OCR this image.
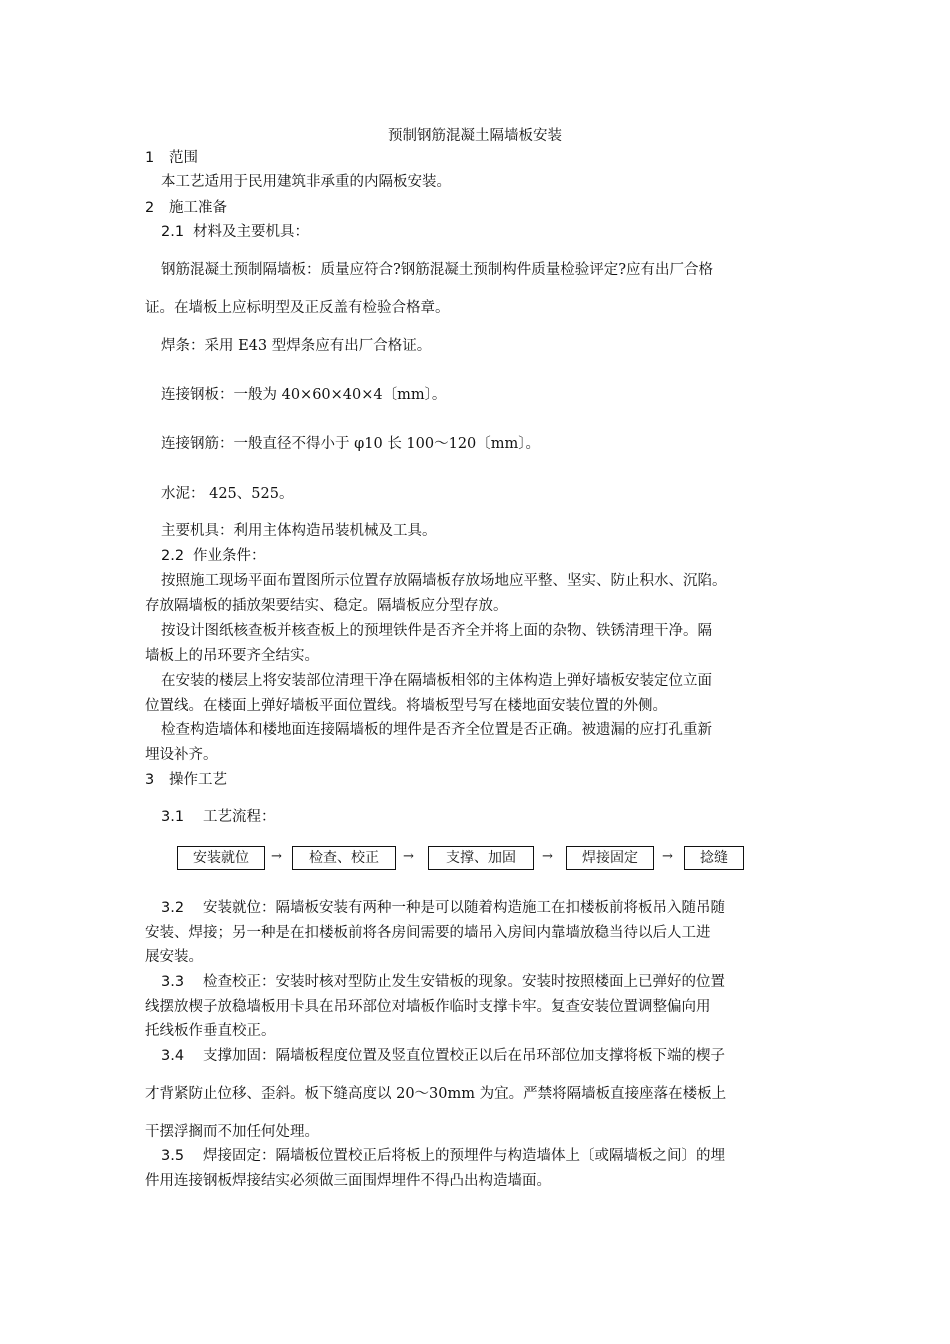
预制钢筋混凝土隔墙板安装
1 范围
本工艺适用于民用建筑非承重的内隔板安装。
2 施工准备
2.1 材料及主要机具：
钢筋混凝土预制隔墙板：质量应符合?钢筋混凝土预制构件质量检验评定?应有出厂合格
证。在墙板上应标明型及正反盖有检验合格章。
焊条：采用 E43 型焊条应有出厂合格证。
连接钢板：一般为 40×60×40×4〔mm〕。
连接钢筋：一般直径不得小于 φ10 长 100～120〔mm〕。
水泥： 425、525。
主要机具：利用主体构造吊装机械及工具。
2.2 作业条件：
按照施工现场平面布置图所示位置存放隔墙板存放场地应平整、坚实、防止积水、沉陷。
存放隔墙板的插放架要结实、稳定。隔墙板应分型存放。
按设计图纸核查板并核查板上的预埋铁件是否齐全并将上面的杂物、铁锈清理干净。隔
墙板上的吊环要齐全结实。
在安装的楼层上将安装部位清理干净在隔墙板相邻的主体构造上弹好墙板安装定位立面
位置线。在楼面上弹好墙板平面位置线。将墙板型号写在楼地面安装位置的外侧。
检查构造墙体和楼地面连接隔墙板的埋件是否齐全位置是否正确。被遗漏的应打孔重新
埋设补齐。
3 操作工艺
3.1 工艺流程：
安装就位	→	检查、校正	→	支撑、加固	→	焊接固定	→	捻缝
3.2 安装就位：隔墙板安装有两种一种是可以随着构造施工在扣楼板前将板吊入随吊随
安装、焊接；另一种是在扣楼板前将各房间需要的墙吊入房间内靠墙放稳当待以后人工进
展安装。
3.3 检查校正：安装时核对型防止发生安错板的现象。安装时按照楼面上已弹好的位置
线摆放楔子放稳墙板用卡具在吊环部位对墙板作临时支撑卡牢。复查安装位置调整偏向用
托线板作垂直校正。
3.4 支撑加固：隔墙板程度位置及竖直位置校正以后在吊环部位加支撑将板下端的楔子
才背紧防止位移、歪斜。板下缝高度以 20～30mm 为宜。严禁将隔墙板直接座落在楼板上
干摆浮搁而不加任何处理。
3.5 焊接固定：隔墙板位置校正后将板上的预埋件与构造墙体上〔或隔墙板之间〕的埋
件用连接钢板焊接结实必须做三面围焊埋件不得凸出构造墙面。
